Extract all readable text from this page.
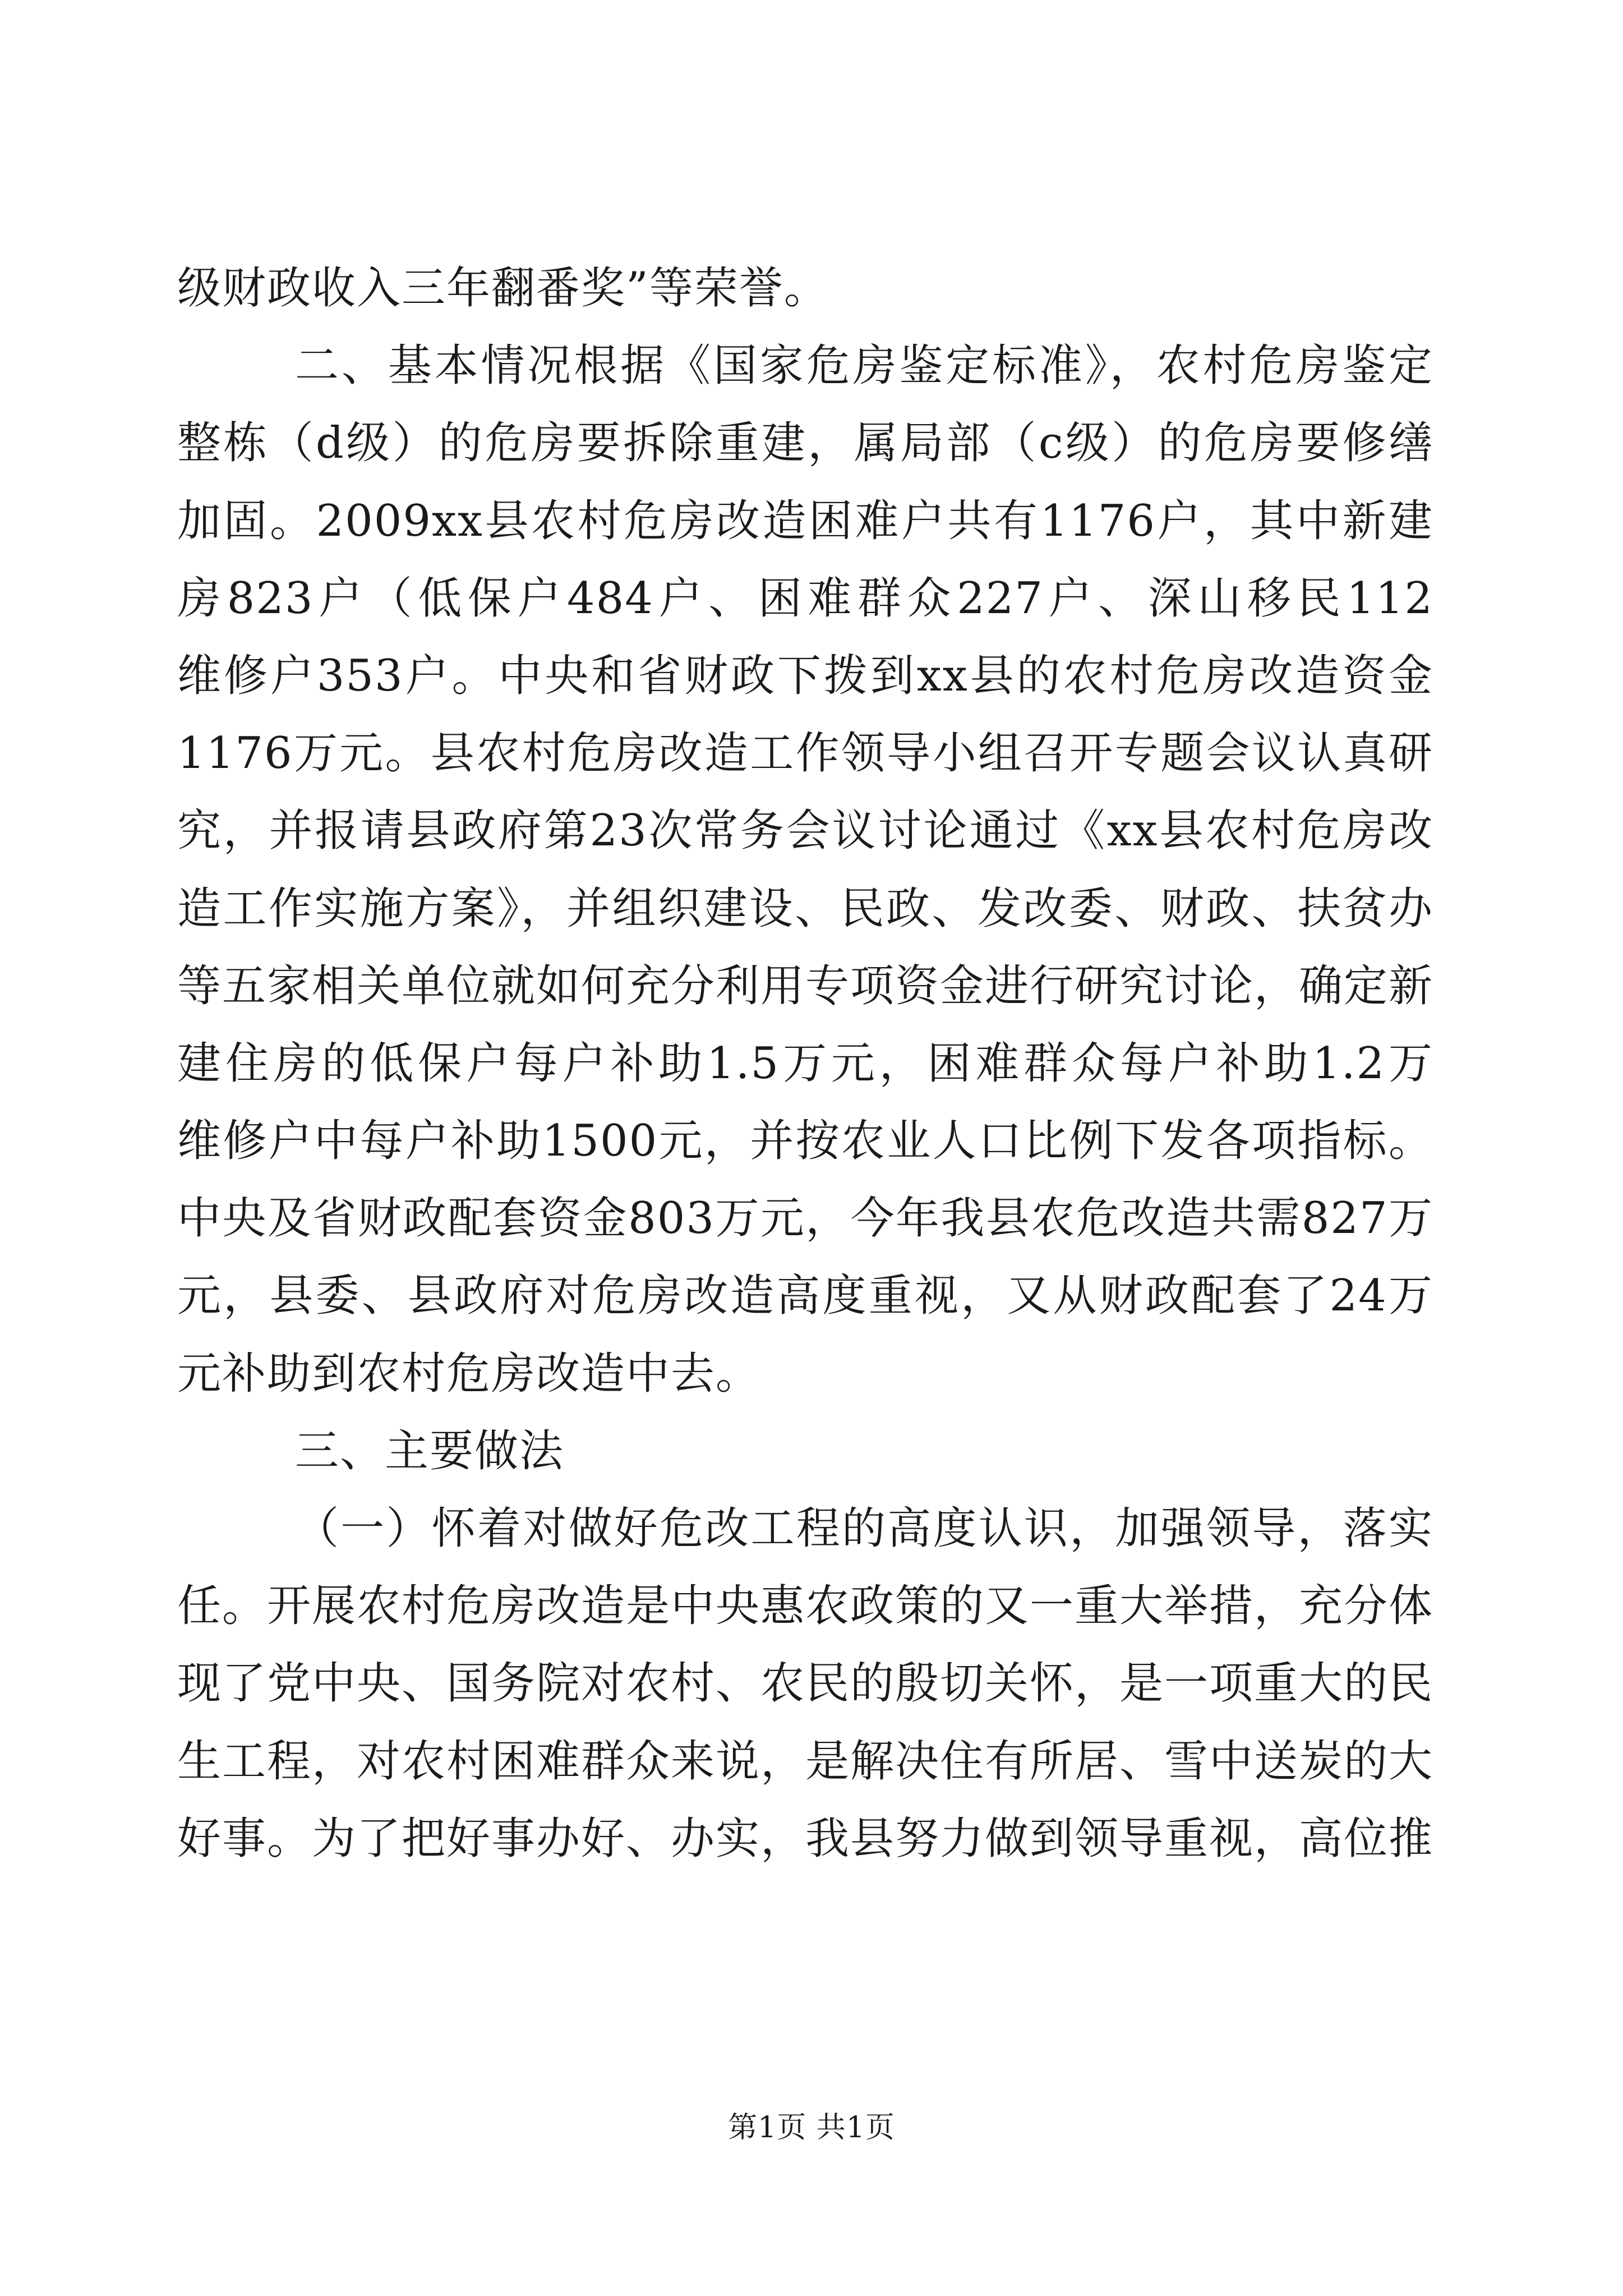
级财政收入三年翻番奖”等荣誉。
二、基本情况根据《国家危房鉴定标准》，农村危房鉴定
整栋（d级）的危房要拆除重建，属局部（c级）的危房要修缮
加固。2009xx县农村危房改造困难户共有1176户，其中新建
房823户（低保户484户、困难群众227户、深山移民112
维修户353户。中央和省财政下拨到xx县的农村危房改造资金
1176万元。县农村危房改造工作领导小组召开专题会议认真研
究，并报请县政府第23次常务会议讨论通过《xx县农村危房改
造工作实施方案》，并组织建设、民政、发改委、财政、扶贫办
等五家相关单位就如何充分利用专项资金进行研究讨论，确定新
建住房的低保户每户补助1.5万元，困难群众每户补助1.2万
维修户中每户补助1500元，并按农业人口比例下发各项指标。
中央及省财政配套资金803万元，今年我县农危改造共需827万
元，县委、县政府对危房改造高度重视，又从财政配套了24万
元补助到农村危房改造中去。
三、主要做法
（一）怀着对做好危改工程的高度认识，加强领导，落实
任。开展农村危房改造是中央惠农政策的又一重大举措，充分体
现了党中央、国务院对农村、农民的殷切关怀，是一项重大的民
生工程，对农村困难群众来说，是解决住有所居、雪中送炭的大
好事。为了把好事办好、办实，我县努力做到领导重视，高位推
第1页 共1页
